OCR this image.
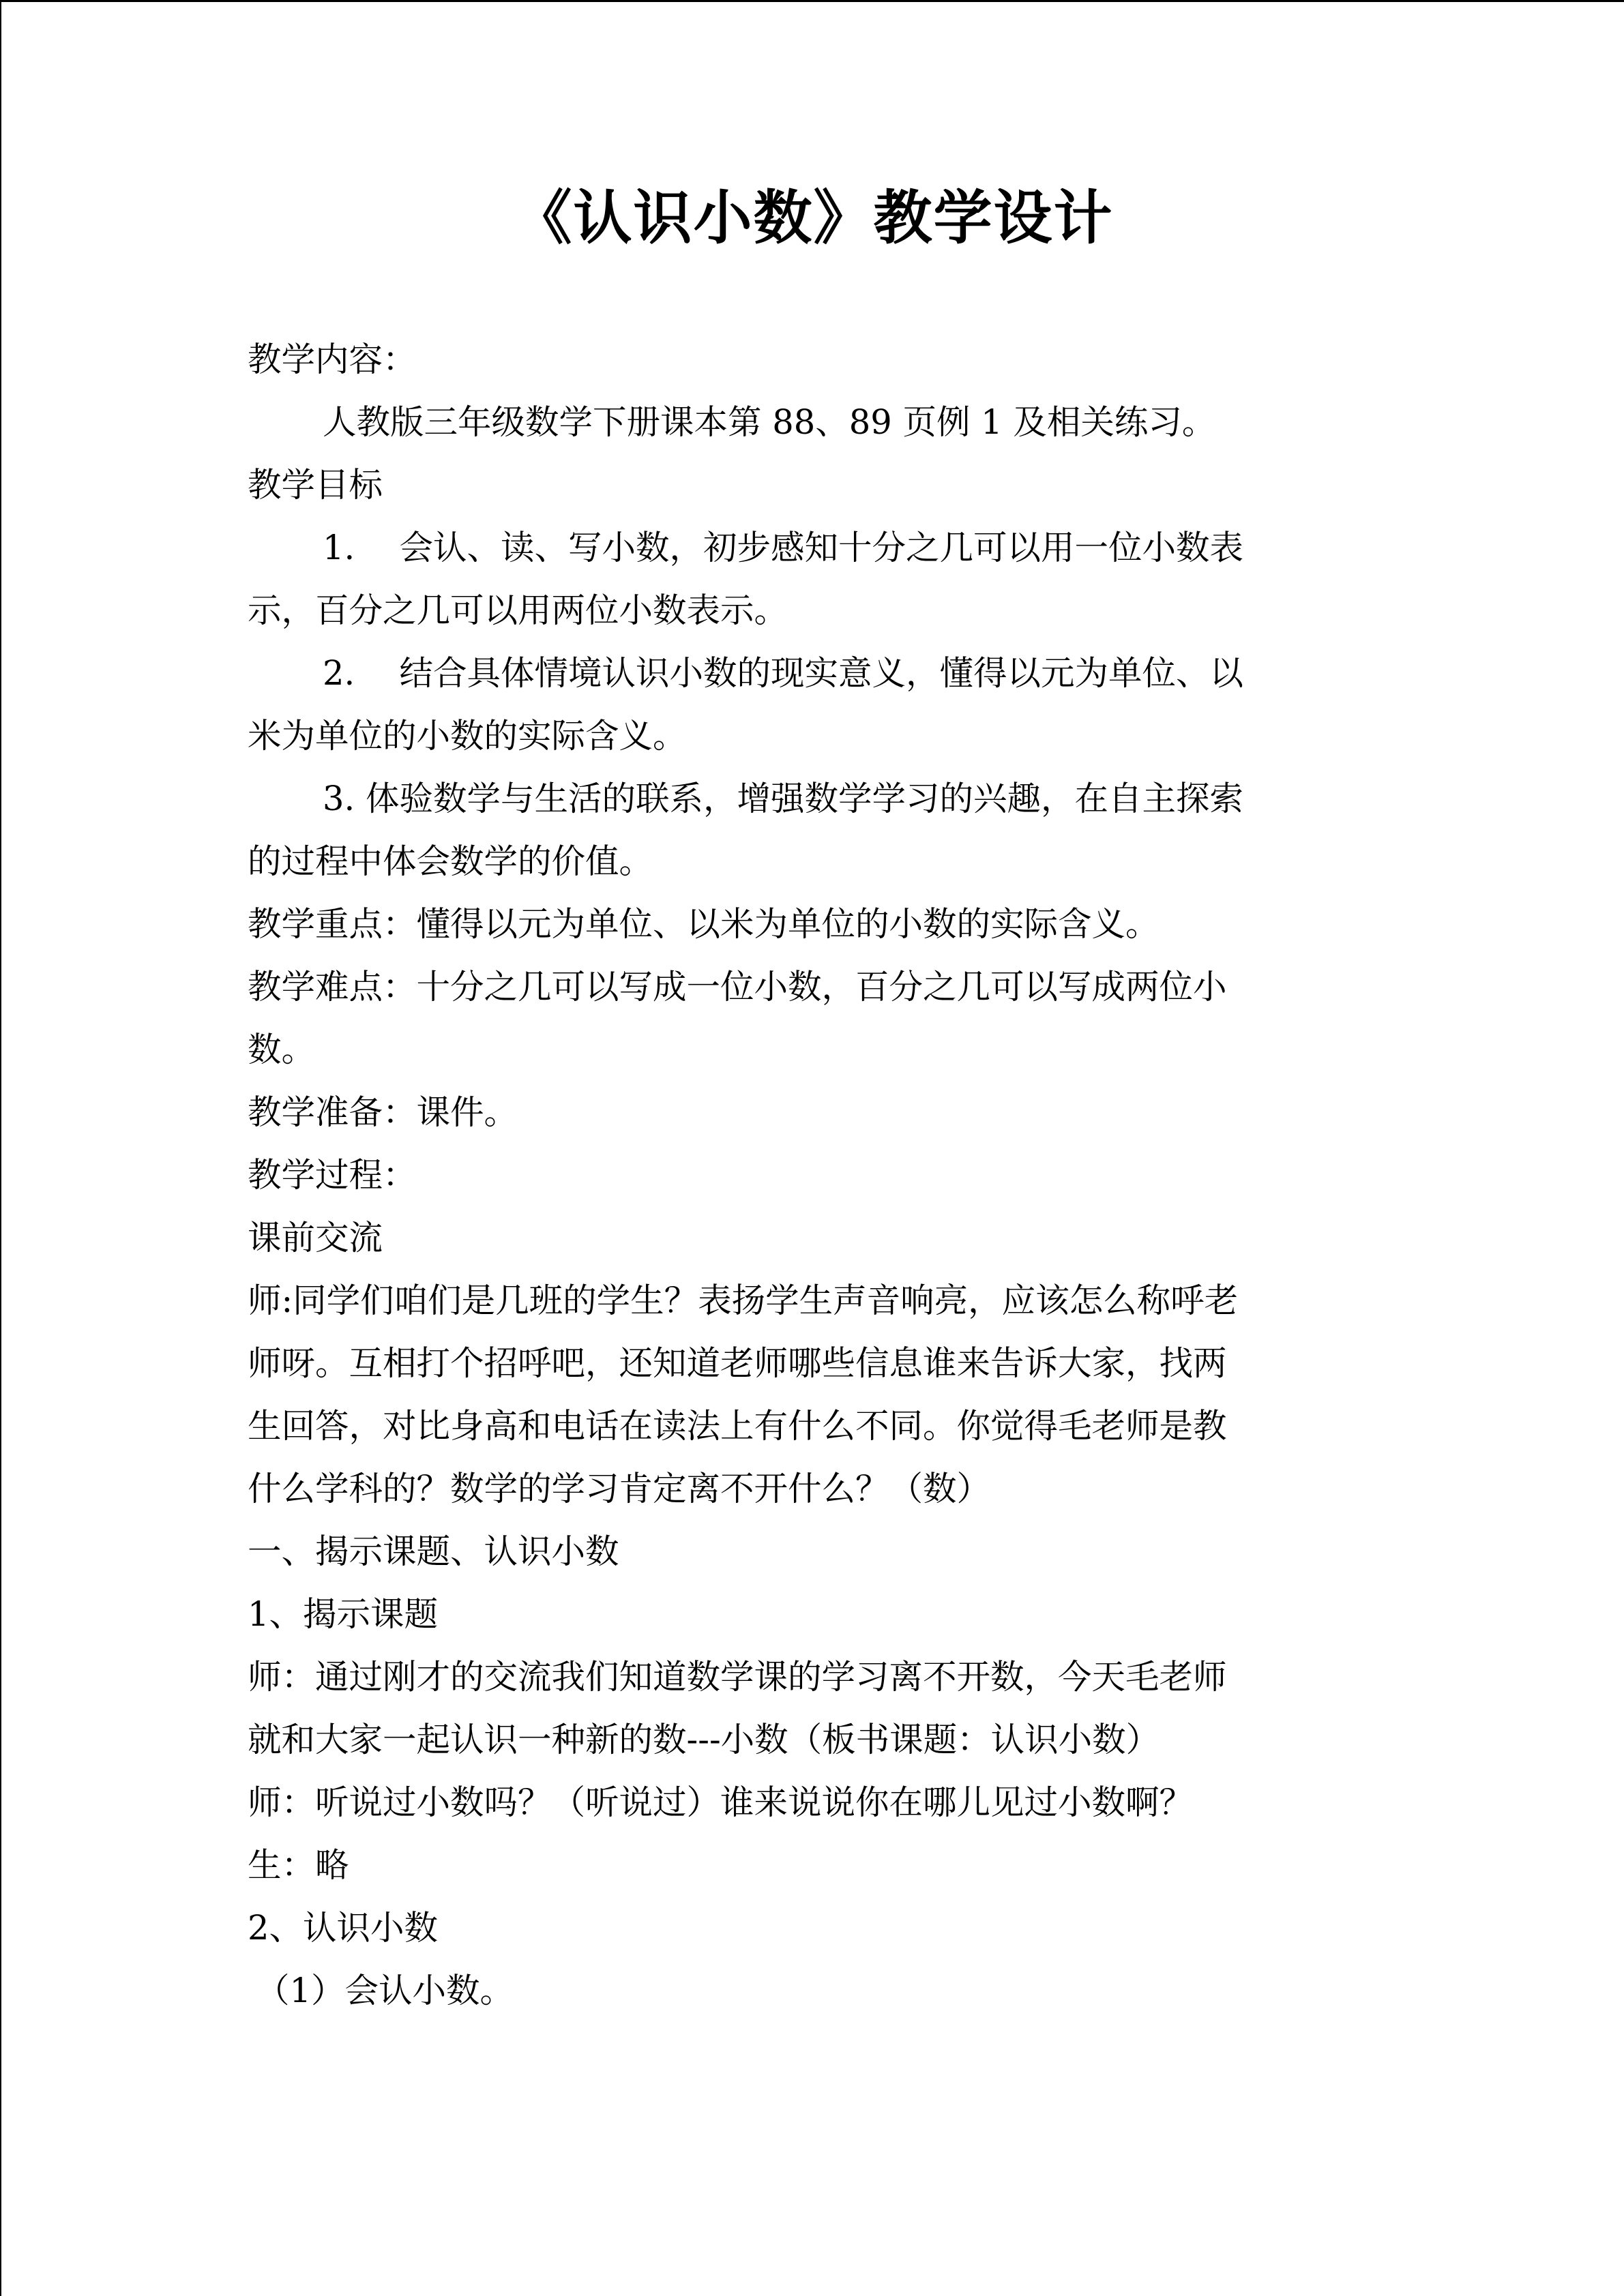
《认识小数》教学设计
教学内容：
人教版三年级数学下册课本第 88、89 页例 1 及相关练习。
教学目标
1.　 会认、读、写小数，初步感知十分之几可以用一位小数表
示，百分之几可以用两位小数表示。
2.　 结合具体情境认识小数的现实意义，懂得以元为单位、以
米为单位的小数的实际含义。
3. 体验数学与生活的联系，增强数学学习的兴趣，在自主探索
的过程中体会数学的价值。
教学重点：懂得以元为单位、以米为单位的小数的实际含义。
教学难点：十分之几可以写成一位小数，百分之几可以写成两位小
数。
教学准备：课件。
教学过程：
课前交流
师:同学们咱们是几班的学生？表扬学生声音响亮，应该怎么称呼老
师呀。互相打个招呼吧，还知道老师哪些信息谁来告诉大家，找两
生回答，对比身高和电话在读法上有什么不同。你觉得毛老师是教
什么学科的？数学的学习肯定离不开什么？（数）
一、揭示课题、认识小数
1、揭示课题
师：通过刚才的交流我们知道数学课的学习离不开数，今天毛老师
就和大家一起认识一种新的数---小数（板书课题：认识小数）
师：听说过小数吗？（听说过）谁来说说你在哪儿见过小数啊？
生：略
2、认识小数
（1）会认小数。
